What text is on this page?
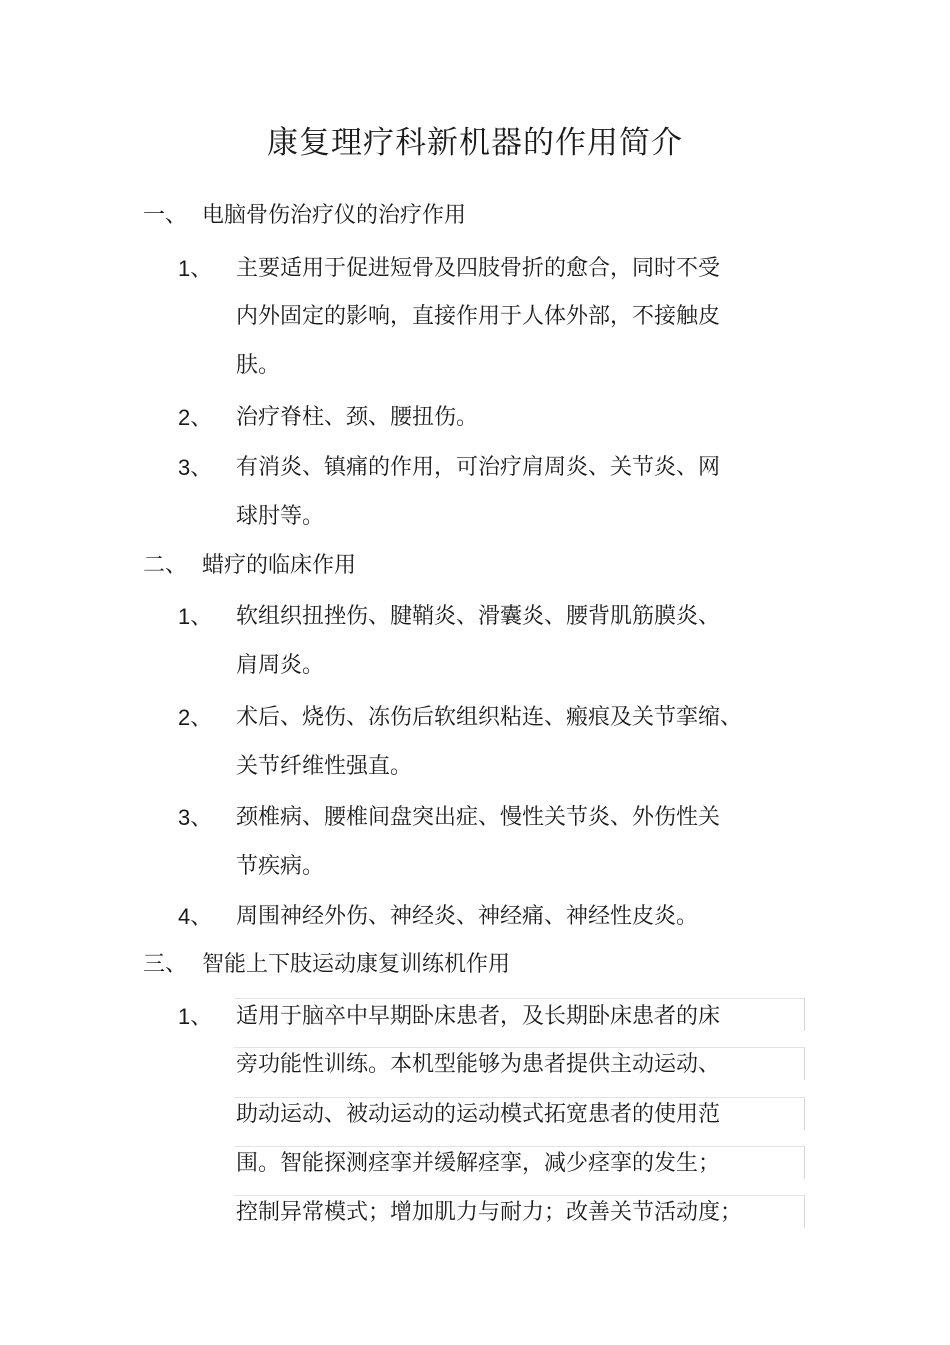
康复理疗科新机器的作用简介
一、 电脑骨伤治疗仪的治疗作用
1、 主要适用于促进短骨及四肢骨折的愈合，同时不受
内外固定的影响，直接作用于人体外部，不接触皮
肤。
2、 治疗脊柱、颈、腰扭伤。
3、 有消炎、镇痛的作用，可治疗肩周炎、关节炎、网
球肘等。
二、 蜡疗的临床作用
1、 软组织扭挫伤、腱鞘炎、滑囊炎、腰背肌筋膜炎、
肩周炎。
2、 术后、烧伤、冻伤后软组织粘连、瘢痕及关节挛缩、
关节纤维性强直。
3、 颈椎病、腰椎间盘突出症、慢性关节炎、外伤性关
节疾病。
4、 周围神经外伤、神经炎、神经痛、神经性皮炎。
三、 智能上下肢运动康复训练机作用
1、 适用于脑卒中早期卧床患者，及长期卧床患者的床
旁功能性训练。本机型能够为患者提供主动运动、
助动运动、被动运动的运动模式拓宽患者的使用范
围。智能探测痉挛并缓解痉挛，减少痉挛的发生；
控制异常模式；增加肌力与耐力；改善关节活动度；
